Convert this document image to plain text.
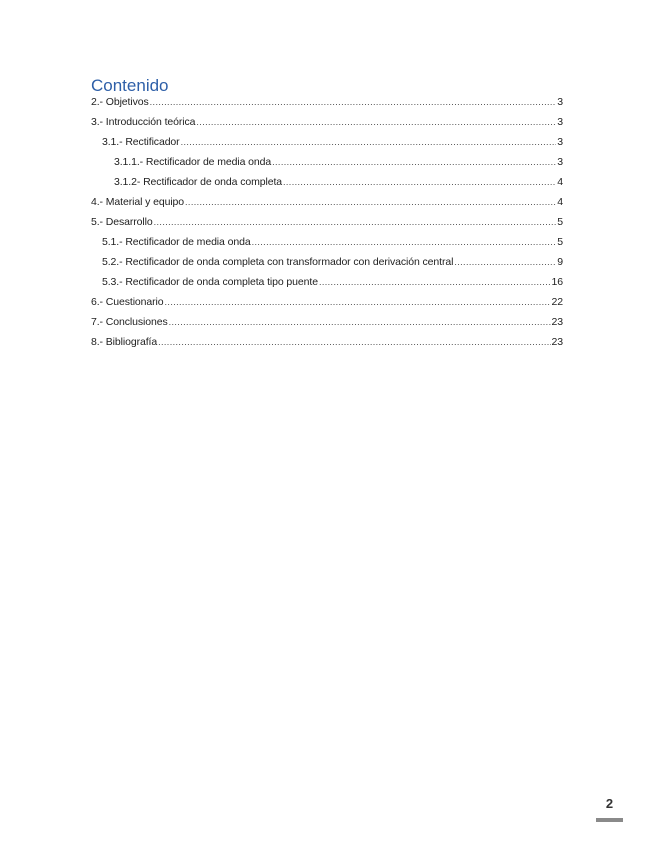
Contenido
2.- Objetivos .....	3
3.- Introducción teórica .....	3
3.1.- Rectificador .....	3
3.1.1.- Rectificador de media onda .....	3
3.1.2- Rectificador de onda completa .....	4
4.- Material y equipo .....	4
5.- Desarrollo .....	5
5.1.- Rectificador de media onda .....	5
5.2.- Rectificador de onda completa con transformador con derivación central .....	9
5.3.- Rectificador de onda completa tipo puente .....	16
6.- Cuestionario .....	22
7.- Conclusiones .....	23
8.- Bibliografía .....	23
2
